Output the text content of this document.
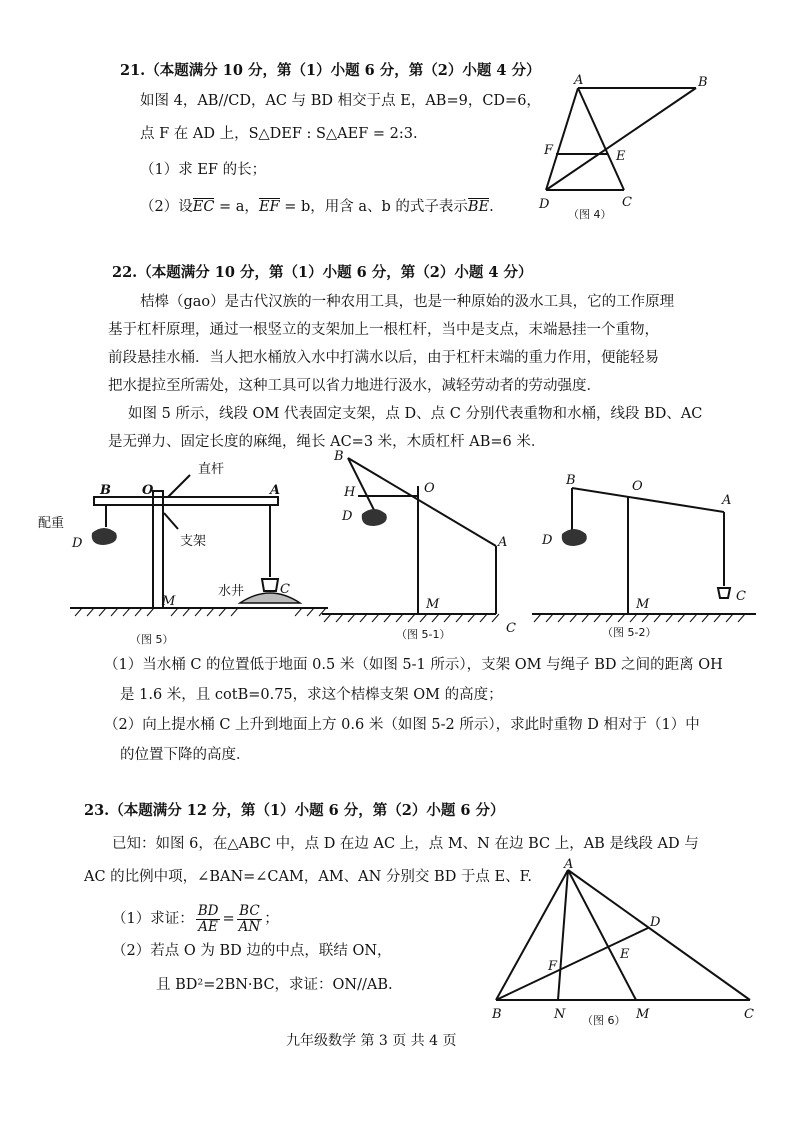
21.（本题满分 10 分，第（1）小题 6 分，第（2）小题 4 分）
如图 4，AB//CD，AC 与 BD 相交于点 E，AB=9，CD=6，
点 F 在 AD 上，S△DEF : S△AEF = 2:3.
（1）求 EF 的长；
（2）设EC = a，EF = b，用含 a、b 的式子表示BE.
A	B
F	E
D	C
（图 4）
22.（本题满分 10 分，第（1）小题 6 分，第（2）小题 4 分）
桔槔（gao）是古代汉族的一种农用工具，也是一种原始的汲水工具，它的工作原理
基于杠杆原理，通过一根竖立的支架加上一根杠杆，当中是支点，末端悬挂一个重物，
前段悬挂水桶．当人把水桶放入水中打满水以后，由于杠杆末端的重力作用，便能轻易
把水提拉至所需处，这种工具可以省力地进行汲水，减轻劳动者的劳动强度．
如图 5 所示，线段 OM 代表固定支架，点 D、点 C 分别代表重物和水桶，线段 BD、AC
是无弹力、固定长度的麻绳，绳长 AC=3 米，木质杠杆 AB=6 米．
B O	A
直杆
配重
D	支架
水井	C
M
（图 5）
B
H	O
D
A
M
C
（图 5-1）
B	O
A
D
C
M
（图 5-2）
（1）当水桶 C 的位置低于地面 0.5 米（如图 5-1 所示），支架 OM 与绳子 BD 之间的距离 OH
是 1.6 米，且 cotB=0.75，求这个桔槔支架 OM 的高度；
（2）向上提水桶 C 上升到地面上方 0.6 米（如图 5-2 所示），求此时重物 D 相对于（1）中
的位置下降的高度．
23.（本题满分 12 分，第（1）小题 6 分，第（2）小题 6 分）
已知：如图 6，在△ABC 中，点 D 在边 AC 上，点 M、N 在边 BC 上，AB 是线段 AD 与
AC 的比例中项，∠BAN=∠CAM，AM、AN 分别交 BD 于点 E、F.
（1）求证： $\frac{BD}{AE} = \frac{BC}{AN}$ ；
（2）若点 O 为 BD 边的中点，联结 ON，
且 BD²=2BN·BC，求证：ON//AB.
A
D
E
F
B	N	M	C
（图 6）
九年级数学 第 3 页 共 4 页
